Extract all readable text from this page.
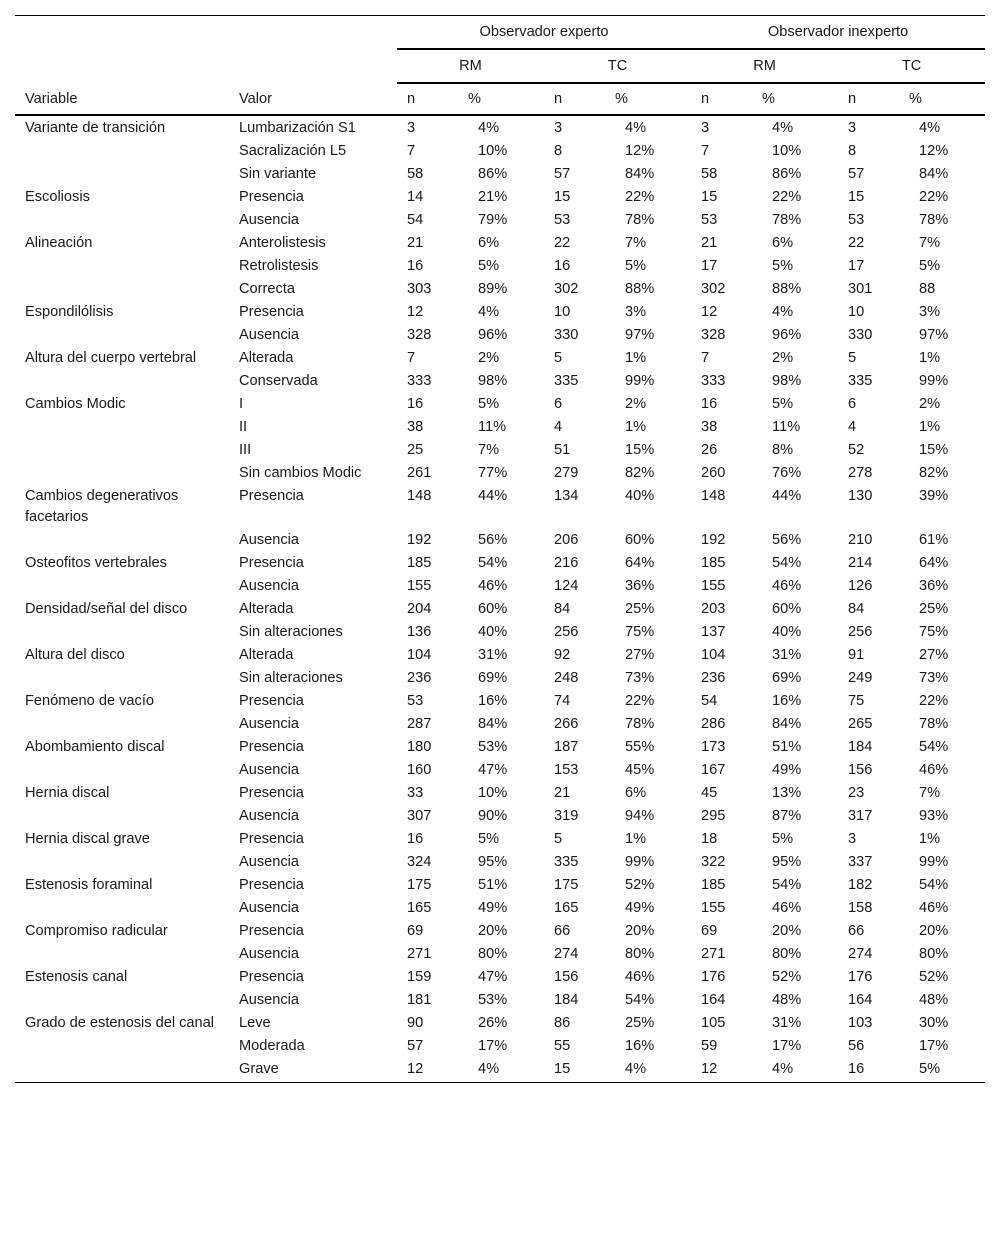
		Observador experto				Observador inexperto			
		RM		TC		RM		TC	
Variable	Valor	n	%	n	%	n	%	n	%
Variante de transición	Lumbarización S1	3	4%	3	4%	3	4%	3	4%
	Sacralización L5	7	10%	8	12%	7	10%	8	12%
	Sin variante	58	86%	57	84%	58	86%	57	84%
Escoliosis	Presencia	14	21%	15	22%	15	22%	15	22%
	Ausencia	54	79%	53	78%	53	78%	53	78%
Alineación	Anterolistesis	21	6%	22	7%	21	6%	22	7%
	Retrolistesis	16	5%	16	5%	17	5%	17	5%
	Correcta	303	89%	302	88%	302	88%	301	88
Espondilólisis	Presencia	12	4%	10	3%	12	4%	10	3%
	Ausencia	328	96%	330	97%	328	96%	330	97%
Altura del cuerpo vertebral	Alterada	7	2%	5	1%	7	2%	5	1%
	Conservada	333	98%	335	99%	333	98%	335	99%
Cambios Modic	I	16	5%	6	2%	16	5%	6	2%
	II	38	11%	4	1%	38	11%	4	1%
	III	25	7%	51	15%	26	8%	52	15%
	Sin cambios Modic	261	77%	279	82%	260	76%	278	82%
Cambios degenerativos facetarios	Presencia	148	44%	134	40%	148	44%	130	39%
	Ausencia	192	56%	206	60%	192	56%	210	61%
Osteofitos vertebrales	Presencia	185	54%	216	64%	185	54%	214	64%
	Ausencia	155	46%	124	36%	155	46%	126	36%
Densidad/señal del disco	Alterada	204	60%	84	25%	203	60%	84	25%
	Sin alteraciones	136	40%	256	75%	137	40%	256	75%
Altura del disco	Alterada	104	31%	92	27%	104	31%	91	27%
	Sin alteraciones	236	69%	248	73%	236	69%	249	73%
Fenómeno de vacío	Presencia	53	16%	74	22%	54	16%	75	22%
	Ausencia	287	84%	266	78%	286	84%	265	78%
Abombamiento discal	Presencia	180	53%	187	55%	173	51%	184	54%
	Ausencia	160	47%	153	45%	167	49%	156	46%
Hernia discal	Presencia	33	10%	21	6%	45	13%	23	7%
	Ausencia	307	90%	319	94%	295	87%	317	93%
Hernia discal grave	Presencia	16	5%	5	1%	18	5%	3	1%
	Ausencia	324	95%	335	99%	322	95%	337	99%
Estenosis foraminal	Presencia	175	51%	175	52%	185	54%	182	54%
	Ausencia	165	49%	165	49%	155	46%	158	46%
Compromiso radicular	Presencia	69	20%	66	20%	69	20%	66	20%
	Ausencia	271	80%	274	80%	271	80%	274	80%
Estenosis canal	Presencia	159	47%	156	46%	176	52%	176	52%
	Ausencia	181	53%	184	54%	164	48%	164	48%
Grado de estenosis del canal	Leve	90	26%	86	25%	105	31%	103	30%
	Moderada	57	17%	55	16%	59	17%	56	17%
	Grave	12	4%	15	4%	12	4%	16	5%
